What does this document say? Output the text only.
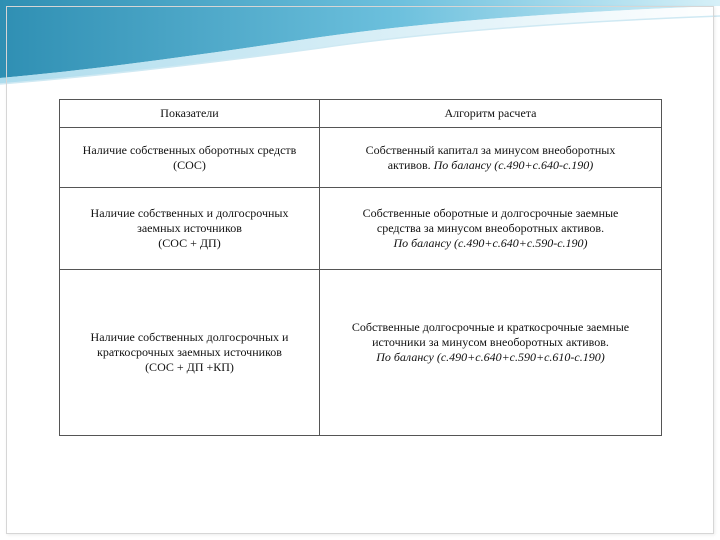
Показатели	Алгоритм расчета

Наличие собственных оборотных средств
(СОС)	Собственный капитал за минусом внеоборотных
активов. По балансу (с.490+с.640-с.190)

Наличие собственных и долгосрочных
заемных источников
(СОС + ДП)	Собственные оборотные и долгосрочные заемные
средства за минусом внеоборотных активов.
По балансу (с.490+с.640+с.590-с.190)

Наличие собственных долгосрочных и
краткосрочных заемных источников
(СОС + ДП +КП)	Собственные долгосрочные и краткосрочные заемные
источники за минусом внеоборотных активов.
По балансу (с.490+с.640+с.590+с.610-с.190)
